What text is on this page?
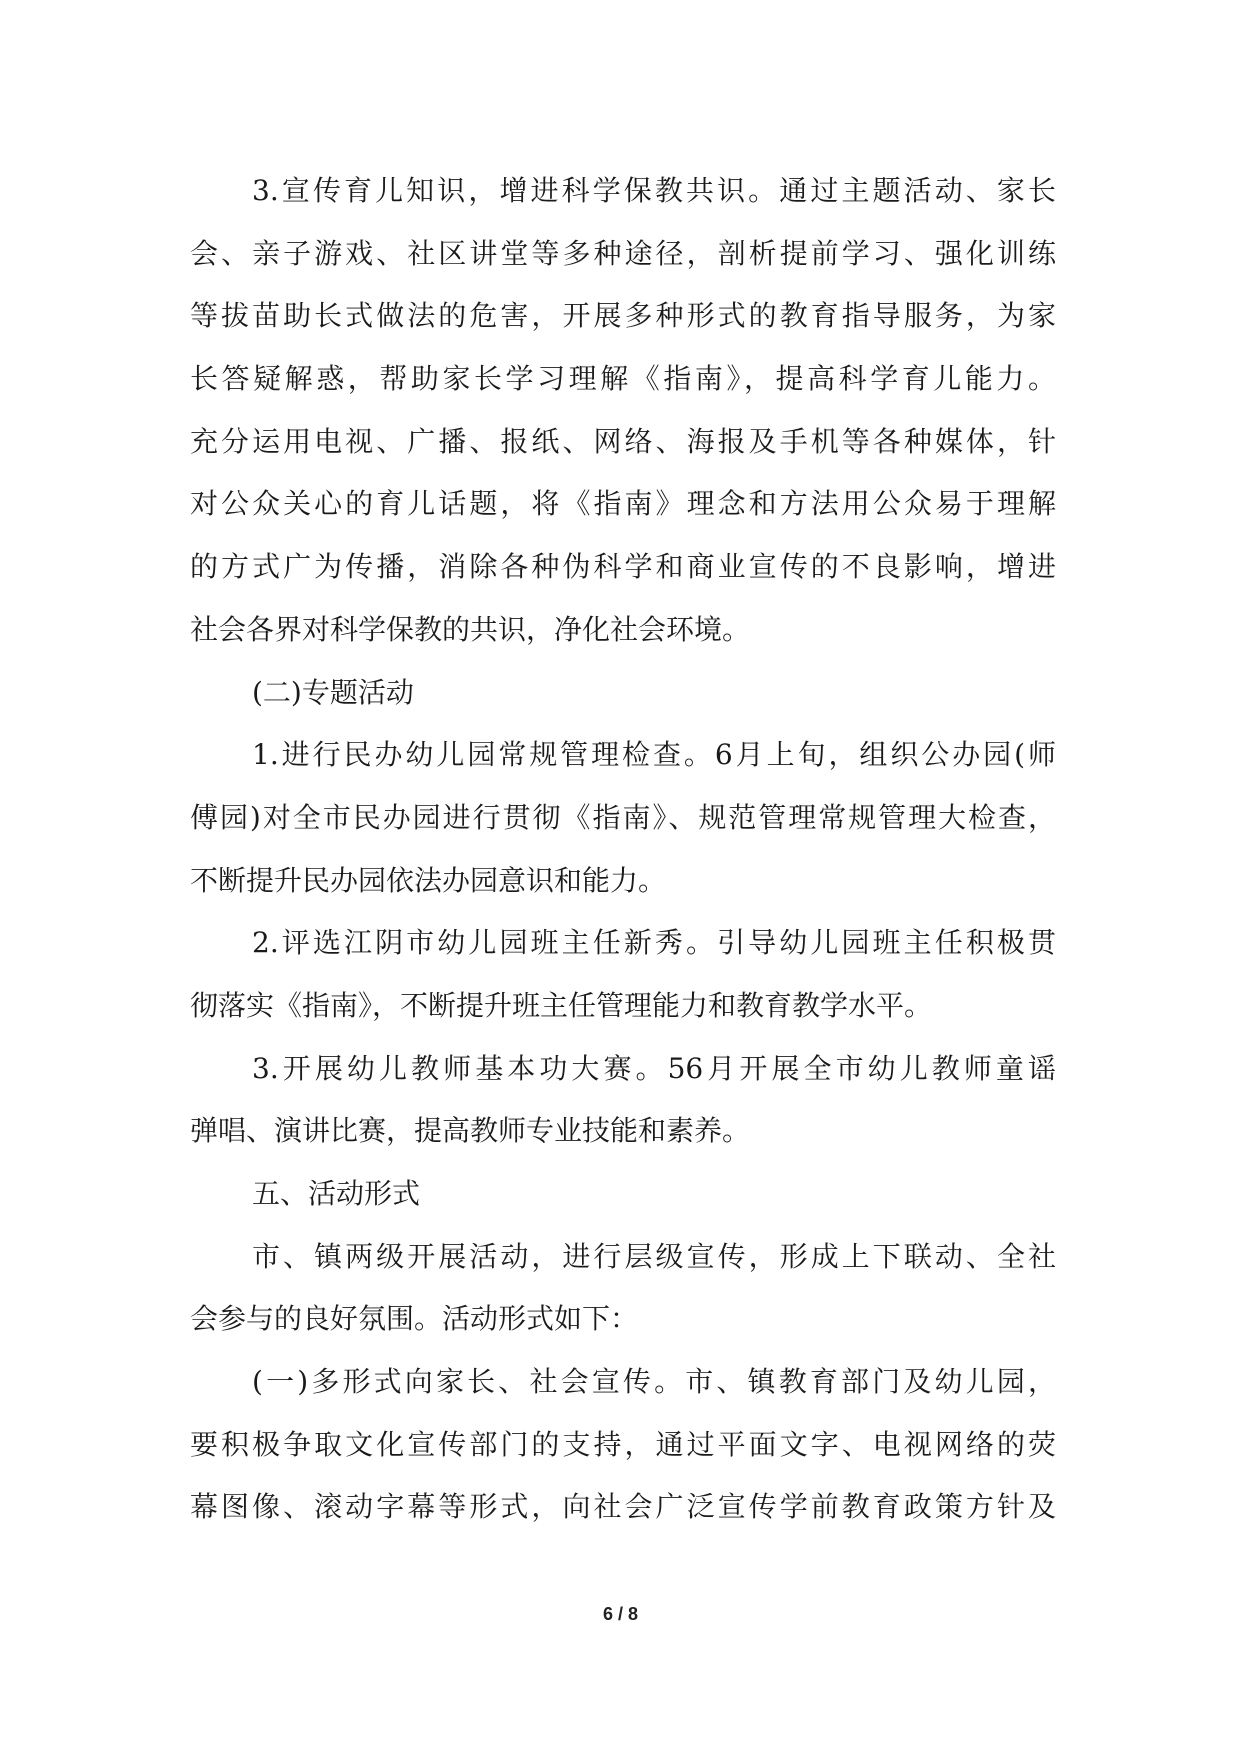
3.宣传育儿知识，增进科学保教共识。通过主题活动、家长
会、亲子游戏、社区讲堂等多种途径，剖析提前学习、强化训练
等拔苗助长式做法的危害，开展多种形式的教育指导服务，为家
长答疑解惑，帮助家长学习理解《指南》，提高科学育儿能力。
充分运用电视、广播、报纸、网络、海报及手机等各种媒体，针
对公众关心的育儿话题，将《指南》理念和方法用公众易于理解
的方式广为传播，消除各种伪科学和商业宣传的不良影响，增进
社会各界对科学保教的共识，净化社会环境。
(二)专题活动
1.进行民办幼儿园常规管理检查。6月上旬，组织公办园(师
傅园)对全市民办园进行贯彻《指南》、规范管理常规管理大检查，
不断提升民办园依法办园意识和能力。
2.评选江阴市幼儿园班主任新秀。引导幼儿园班主任积极贯
彻落实《指南》，不断提升班主任管理能力和教育教学水平。
3.开展幼儿教师基本功大赛。56月开展全市幼儿教师童谣
弹唱、演讲比赛，提高教师专业技能和素养。
五、活动形式
市、镇两级开展活动，进行层级宣传，形成上下联动、全社
会参与的良好氛围。活动形式如下：
(一)多形式向家长、社会宣传。市、镇教育部门及幼儿园，
要积极争取文化宣传部门的支持，通过平面文字、电视网络的荧
幕图像、滚动字幕等形式，向社会广泛宣传学前教育政策方针及
6 / 8
